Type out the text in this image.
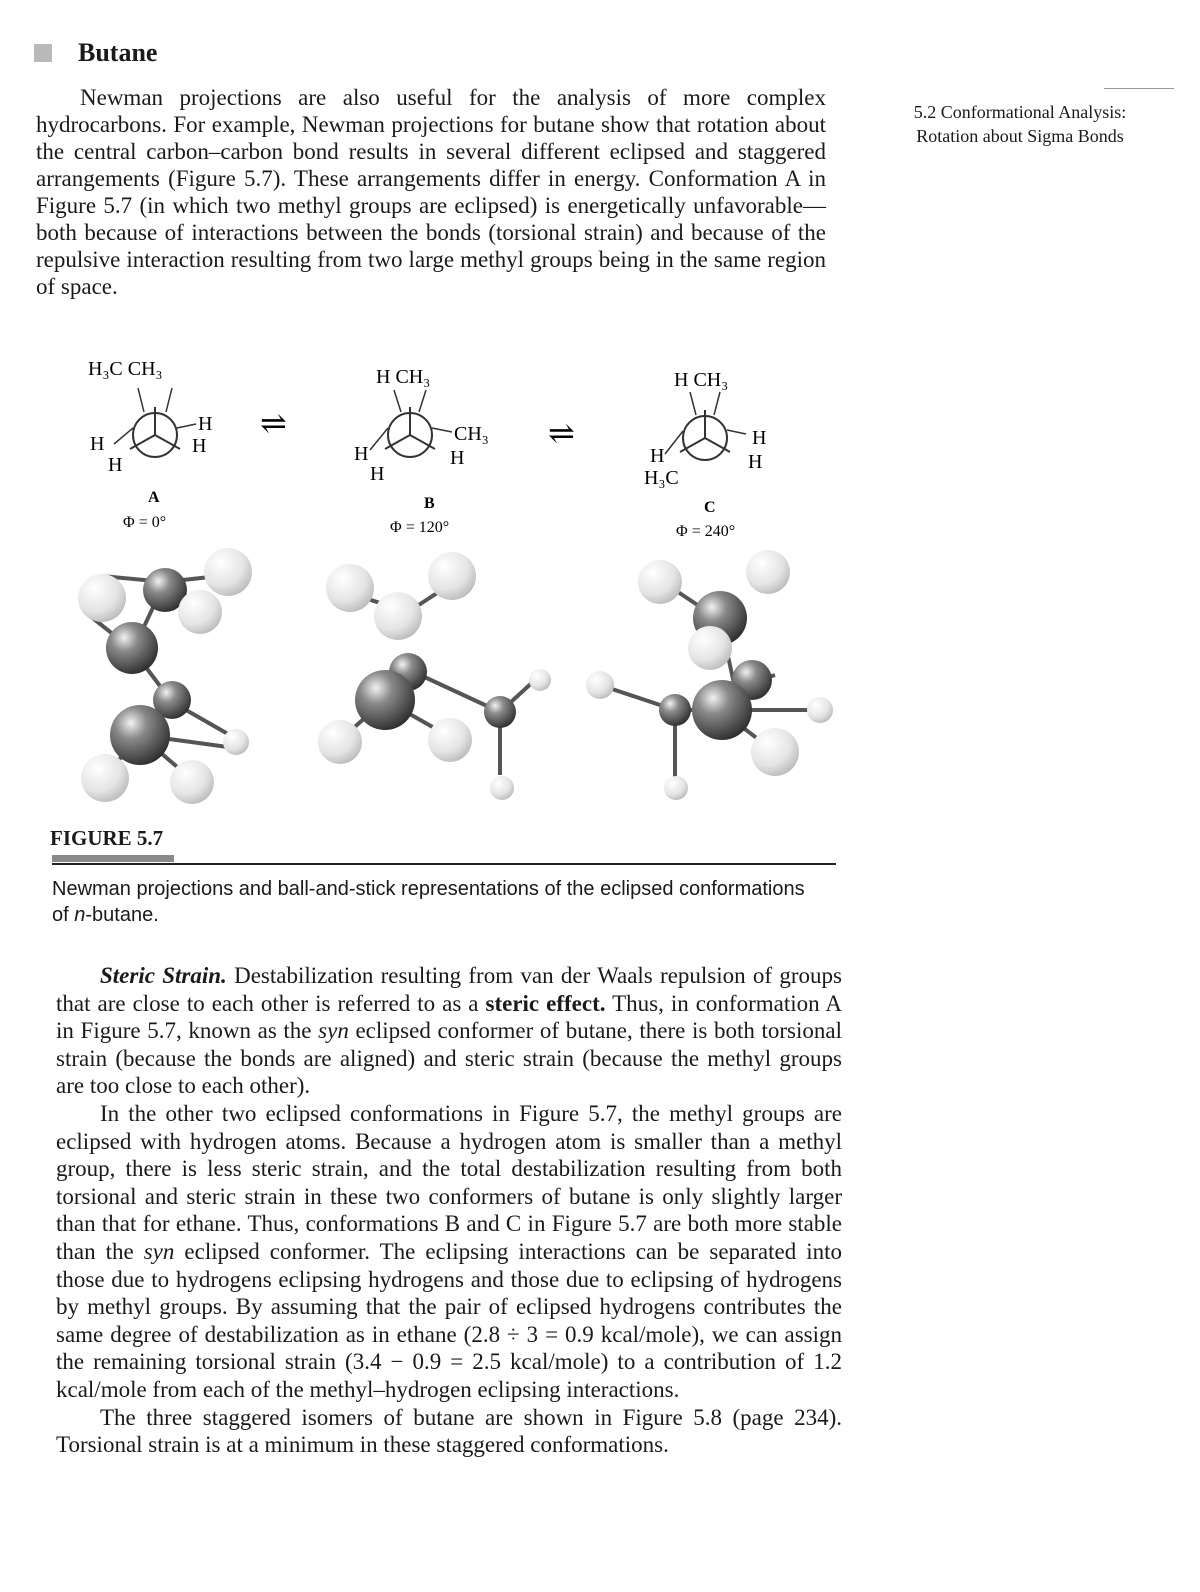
Butane
5.2 Conformational Analysis:
Rotation about Sigma Bonds
Newman projections are also useful for the analysis of more complex hydrocarbons. For example, Newman projections for butane show that rotation about the central carbon–carbon bond results in several different eclipsed and staggered arrangements (Figure 5.7). These arrangements differ in energy. Conformation A in Figure 5.7 (in which two methyl groups are eclipsed) is energetically unfavorable—both because of interactions between the bonds (torsional strain) and because of the repulsive interaction resulting from two large methyl groups being in the same region of space.
H₃C CH₃
H
H
H
H
A
Φ = 0°
⇌
H CH₃
CH₃
H
H
H
B
Φ = 120°
⇌
H CH₃
H
H
H
H₃C
C
Φ = 240°
FIGURE 5.7
Newman projections and ball-and-stick representations of the eclipsed conformations of n-butane.

Steric Strain. Destabilization resulting from van der Waals repulsion of groups that are close to each other is referred to as a steric effect. Thus, in conformation A in Figure 5.7, known as the syn eclipsed conformer of butane, there is both torsional strain (because the bonds are aligned) and steric strain (because the methyl groups are too close to each other).

In the other two eclipsed conformations in Figure 5.7, the methyl groups are eclipsed with hydrogen atoms. Because a hydrogen atom is smaller than a methyl group, there is less steric strain, and the total destabilization resulting from both torsional and steric strain in these two conformers of butane is only slightly larger than that for ethane. Thus, conformations B and C in Figure 5.7 are both more stable than the syn eclipsed conformer. The eclipsing interactions can be separated into those due to hydrogens eclipsing hydrogens and those due to eclipsing of hydrogens by methyl groups. By assuming that the pair of eclipsed hydrogens contributes the same degree of destabilization as in ethane (2.8 ÷ 3 = 0.9 kcal/mole), we can assign the remaining torsional strain (3.4 − 0.9 = 2.5 kcal/mole) to a contribution of 1.2 kcal/mole from each of the methyl–hydrogen eclipsing interactions.

The three staggered isomers of butane are shown in Figure 5.8 (page 234). Torsional strain is at a minimum in these staggered conformations.
